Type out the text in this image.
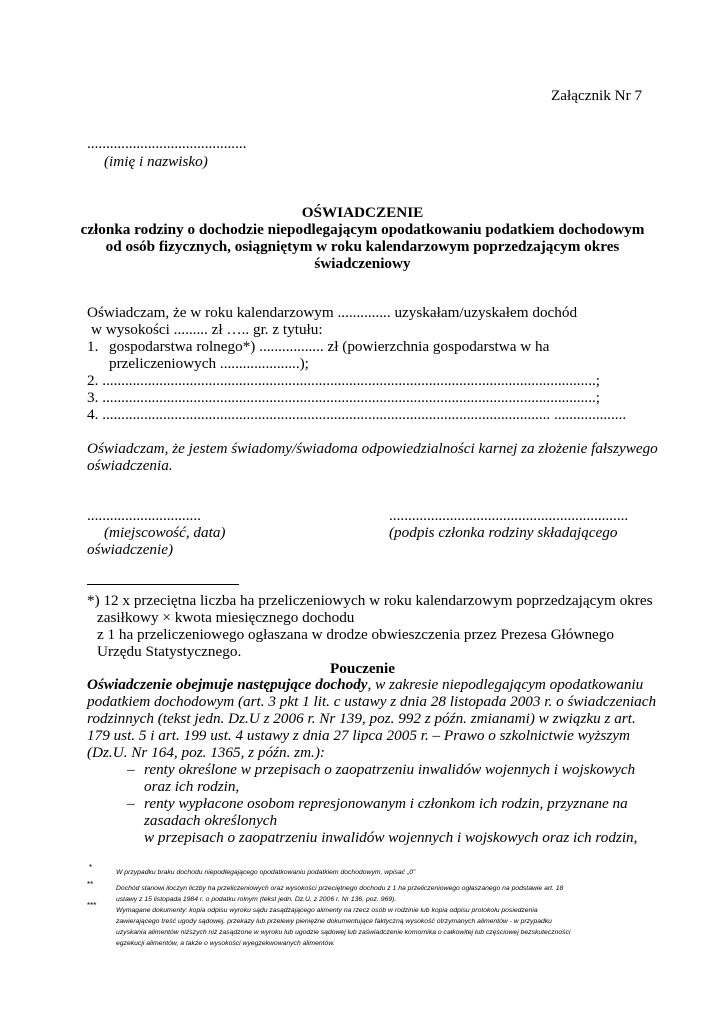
Załącznik Nr 7
..........................................
(imię i nazwisko)
OŚWIADCZENIE
członka rodziny o dochodzie niepodlegającym opodatkowaniu podatkiem dochodowym
od osób fizycznych, osiągniętym w roku kalendarzowym poprzedzającym okres
świadczeniowy
Oświadczam, że w roku kalendarzowym .............. uzyskałam/uzyskałem dochód
w wysokości ......... zł ….. gr. z tytułu:
1. gospodarstwa rolnego*) ................. zł (powierzchnia gospodarstwa w ha
przeliczeniowych .....................);
2. ..................................................................................................................................;
3. ..................................................................................................................................;
4. ...................................................................................................................... ...................
Oświadczam, że jestem świadomy/świadoma odpowiedzialności karnej za złożenie fałszywego
oświadczenia.
..............................
(miejscowość, data)
oświadczenie)
...............................................................
(podpis członka rodziny składającego
*) 12 x przeciętna liczba ha przeliczeniowych w roku kalendarzowym poprzedzającym okres
zasiłkowy × kwota miesięcznego dochodu
z 1 ha przeliczeniowego ogłaszana w drodze obwieszczenia przez Prezesa Głównego
Urzędu Statystycznego.
Pouczenie
Oświadczenie obejmuje następujące dochody, w zakresie niepodlegającym opodatkowaniu
podatkiem dochodowym (art. 3 pkt 1 lit. c ustawy z dnia 28 listopada 2003 r. o świadczeniach
rodzinnych (tekst jedn. Dz.U z 2006 r. Nr 139, poz. 992 z późn. zmianami) w związku z art.
179 ust. 5 i art. 199 ust. 4 ustawy z dnia 27 lipca 2005 r. – Prawo o szkolnictwie wyższym
(Dz.U. Nr 164, poz. 1365, z późn. zm.):
– renty określone w przepisach o zaopatrzeniu inwalidów wojennych i wojskowych
oraz ich rodzin,
– renty wypłacone osobom represjonowanym i członkom ich rodzin, przyznane na
zasadach określonych
w przepisach o zaopatrzeniu inwalidów wojennych i wojskowych oraz ich rodzin,
*
W przypadku braku dochodu niepodlegającego opodatkowaniu podatkiem dochodowym, wpisać „0”
**	Dochód stanowi iloczyn liczby ha przeliczeniowych oraz wysokości przeciętnego dochodu z 1 ha przeliczeniowego ogłaszanego na podstawie art. 18
ustawy z 15 listopada 1984 r. o podatku rolnym (tekst jedn. Dz.U. z 2006 r. Nr 136, poz. 969).
***
Wymagane dokumenty: kopia odpisu wyroku sądu zasądzającego alimenty na rzecz osób w rodzinie lub kopia odpisu protokołu posiedzenia
zawierającego treść ugody sądowej, przekazy lub przelewy pieniężne dokumentujące faktyczną wysokość otrzymanych alimentów - w przypadku
uzyskania alimentów niższych niż zasądzone w wyroku lub ugodzie sądowej lub zaświadczenie komornika o całkowitej lub częściowej bezskuteczności
egzekucji alimentów, a także o wysokości wyegzekwowanych alimentów.
